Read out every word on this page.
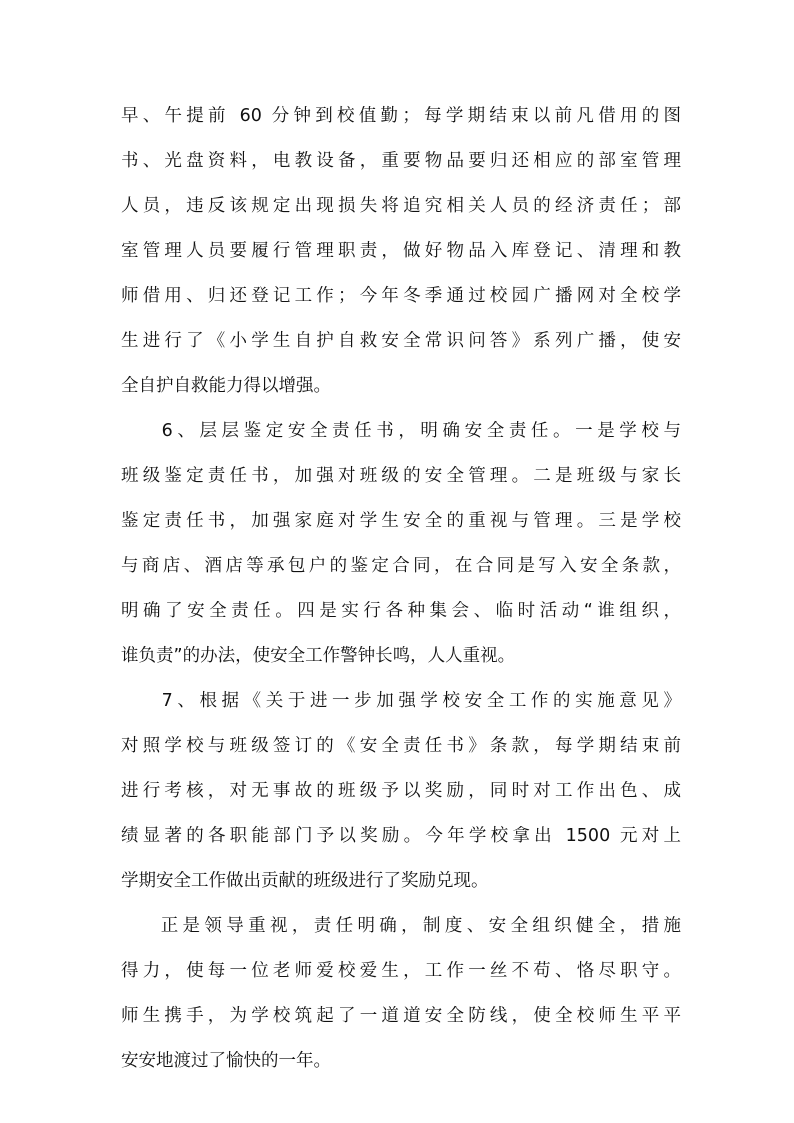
早、午提前 60 分钟到校值勤；每学期结束以前凡借用的图
书、光盘资料，电教设备，重要物品要归还相应的部室管理
人员，违反该规定出现损失将追究相关人员的经济责任；部
室管理人员要履行管理职责，做好物品入库登记、清理和教
师借用、归还登记工作；今年冬季通过校园广播网对全校学
生进行了《小学生自护自救安全常识问答》系列广播，使安
全自护自救能力得以增强。
6、层层鉴定安全责任书，明确安全责任。一是学校与
班级鉴定责任书，加强对班级的安全管理。二是班级与家长
鉴定责任书，加强家庭对学生安全的重视与管理。三是学校
与商店、酒店等承包户的鉴定合同，在合同是写入安全条款，
明确了安全责任。四是实行各种集会、临时活动“谁组织，
谁负责”的办法，使安全工作警钟长鸣，人人重视。
7、根据《关于进一步加强学校安全工作的实施意见》
对照学校与班级签订的《安全责任书》条款，每学期结束前
进行考核，对无事故的班级予以奖励，同时对工作出色、成
绩显著的各职能部门予以奖励。今年学校拿出 1500 元对上
学期安全工作做出贡献的班级进行了奖励兑现。
正是领导重视，责任明确，制度、安全组织健全，措施
得力，使每一位老师爱校爱生，工作一丝不苟、恪尽职守。
师生携手，为学校筑起了一道道安全防线，使全校师生平平
安安地渡过了愉快的一年。
